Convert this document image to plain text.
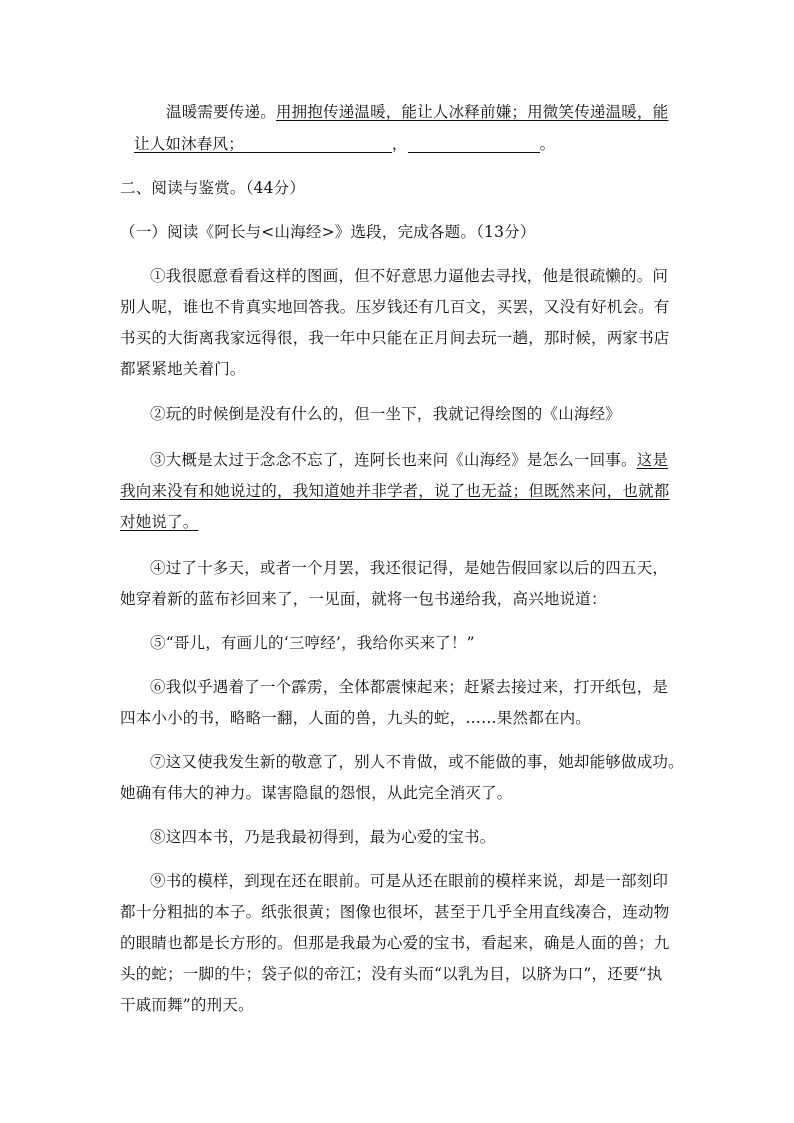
温暖需要传递。用拥抱传递温暖，能让人冰释前嫌；用微笑传递温暖，能
让人如沐春风；	，	。
二、阅读与鉴赏。（44分）
（一）阅读《阿长与<山海经>》选段，完成各题。（13分）
①我很愿意看看这样的图画，但不好意思力逼他去寻找，他是很疏懒的。问
别人呢，谁也不肯真实地回答我。压岁钱还有几百文，买罢，又没有好机会。有
书买的大街离我家远得很，我一年中只能在正月间去玩一趟，那时候，两家书店
都紧紧地关着门。
②玩的时候倒是没有什么的，但一坐下，我就记得绘图的《山海经》
③大概是太过于念念不忘了，连阿长也来问《山海经》是怎么一回事。这是
我向来没有和她说过的，我知道她并非学者，说了也无益；但既然来问，也就都
对她说了。
④过了十多天，或者一个月罢，我还很记得，是她告假回家以后的四五天，
她穿着新的蓝布衫回来了，一见面，就将一包书递给我，高兴地说道：
⑤“哥儿，有画儿的‘三哼经’，我给你买来了！”
⑥我似乎遇着了一个霹雳，全体都震悚起来；赶紧去接过来，打开纸包，是
四本小小的书，略略一翻，人面的兽，九头的蛇，……果然都在内。
⑦这又使我发生新的敬意了，别人不肯做，或不能做的事，她却能够做成功。
她确有伟大的神力。谋害隐鼠的怨恨，从此完全消灭了。
⑧这四本书，乃是我最初得到，最为心爱的宝书。
⑨书的模样，到现在还在眼前。可是从还在眼前的模样来说，却是一部刻印
都十分粗拙的本子。纸张很黄；图像也很坏，甚至于几乎全用直线凑合，连动物
的眼睛也都是长方形的。但那是我最为心爱的宝书，看起来，确是人面的兽；九
头的蛇；一脚的牛；袋子似的帝江；没有头而“以乳为目，以脐为口”，还要“执
干戚而舞”的刑天。
